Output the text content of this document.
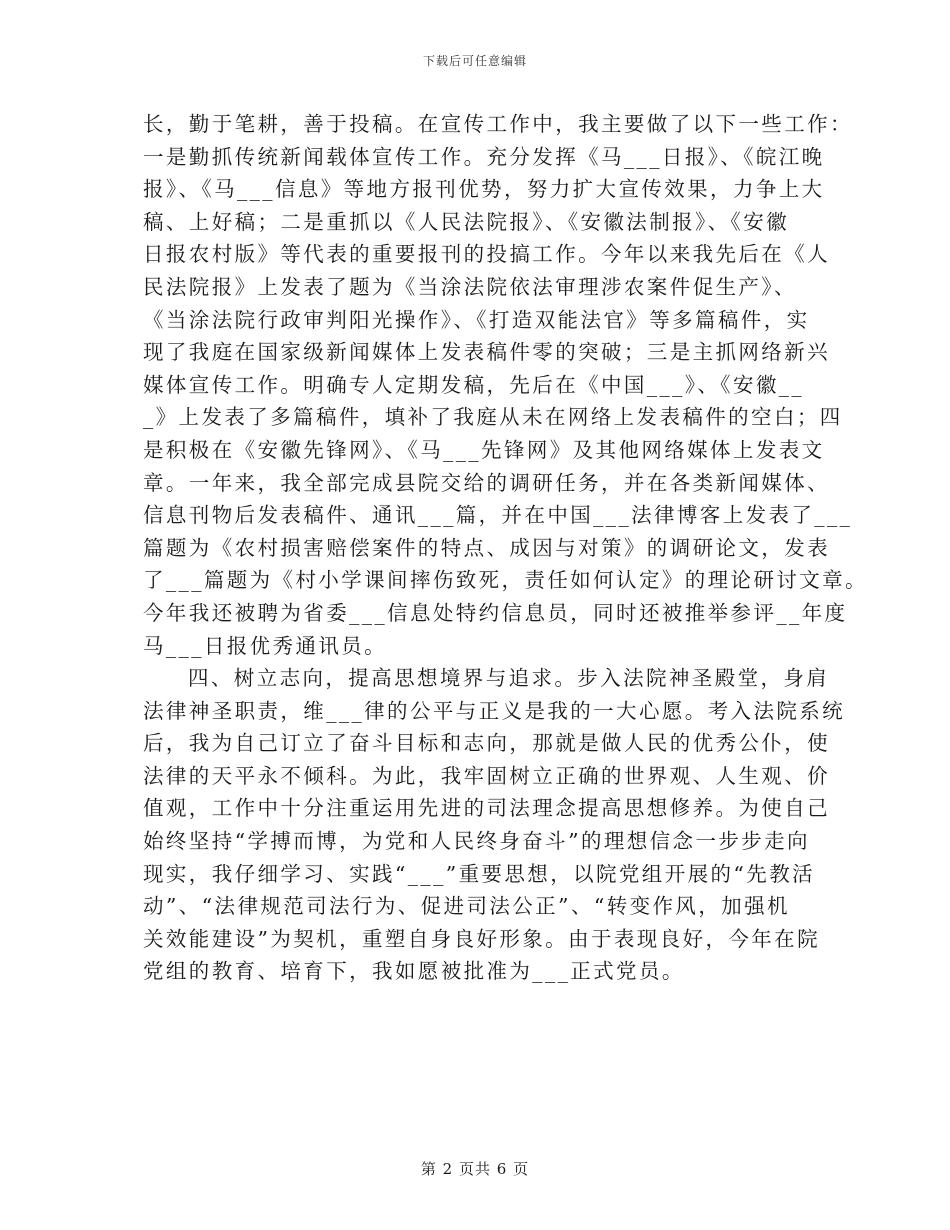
下载后可任意编辑
长，勤于笔耕，善于投稿。在宣传工作中，我主要做了以下一些工作：
一是勤抓传统新闻载体宣传工作。充分发挥《马___日报》、《皖江晚
报》、《马___信息》等地方报刊优势，努力扩大宣传效果，力争上大
稿、上好稿；二是重抓以《人民法院报》、《安徽法制报》、《安徽
日报农村版》等代表的重要报刊的投搞工作。今年以来我先后在《人
民法院报》上发表了题为《当涂法院依法审理涉农案件促生产》、
《当涂法院行政审判阳光操作》、《打造双能法官》等多篇稿件，实
现了我庭在国家级新闻媒体上发表稿件零的突破；三是主抓网络新兴
媒体宣传工作。明确专人定期发稿，先后在《中国___》、《安徽__
_》上发表了多篇稿件，填补了我庭从未在网络上发表稿件的空白；四
是积极在《安徽先锋网》、《马___先锋网》及其他网络媒体上发表文
章。一年来，我全部完成县院交给的调研任务，并在各类新闻媒体、
信息刊物后发表稿件、通讯___篇，并在中国___法律博客上发表了___
篇题为《农村损害赔偿案件的特点、成因与对策》的调研论文，发表
了___篇题为《村小学课间摔伤致死，责任如何认定》的理论研讨文章。
今年我还被聘为省委___信息处特约信息员，同时还被推举参评__年度
马___日报优秀通讯员。
四、树立志向，提高思想境界与追求。步入法院神圣殿堂，身肩
法律神圣职责，维___律的公平与正义是我的一大心愿。考入法院系统
后，我为自己订立了奋斗目标和志向，那就是做人民的优秀公仆，使
法律的天平永不倾科。为此，我牢固树立正确的世界观、人生观、价
值观，工作中十分注重运用先进的司法理念提高思想修养。为使自己
始终坚持“学搏而博，为党和人民终身奋斗”的理想信念一步步走向
现实，我仔细学习、实践“___”重要思想，以院党组开展的“先教活
动”、“法律规范司法行为、促进司法公正”、“转变作风，加强机
关效能建设”为契机，重塑自身良好形象。由于表现良好，今年在院
党组的教育、培育下，我如愿被批准为___正式党员。
第 2 页共 6 页
